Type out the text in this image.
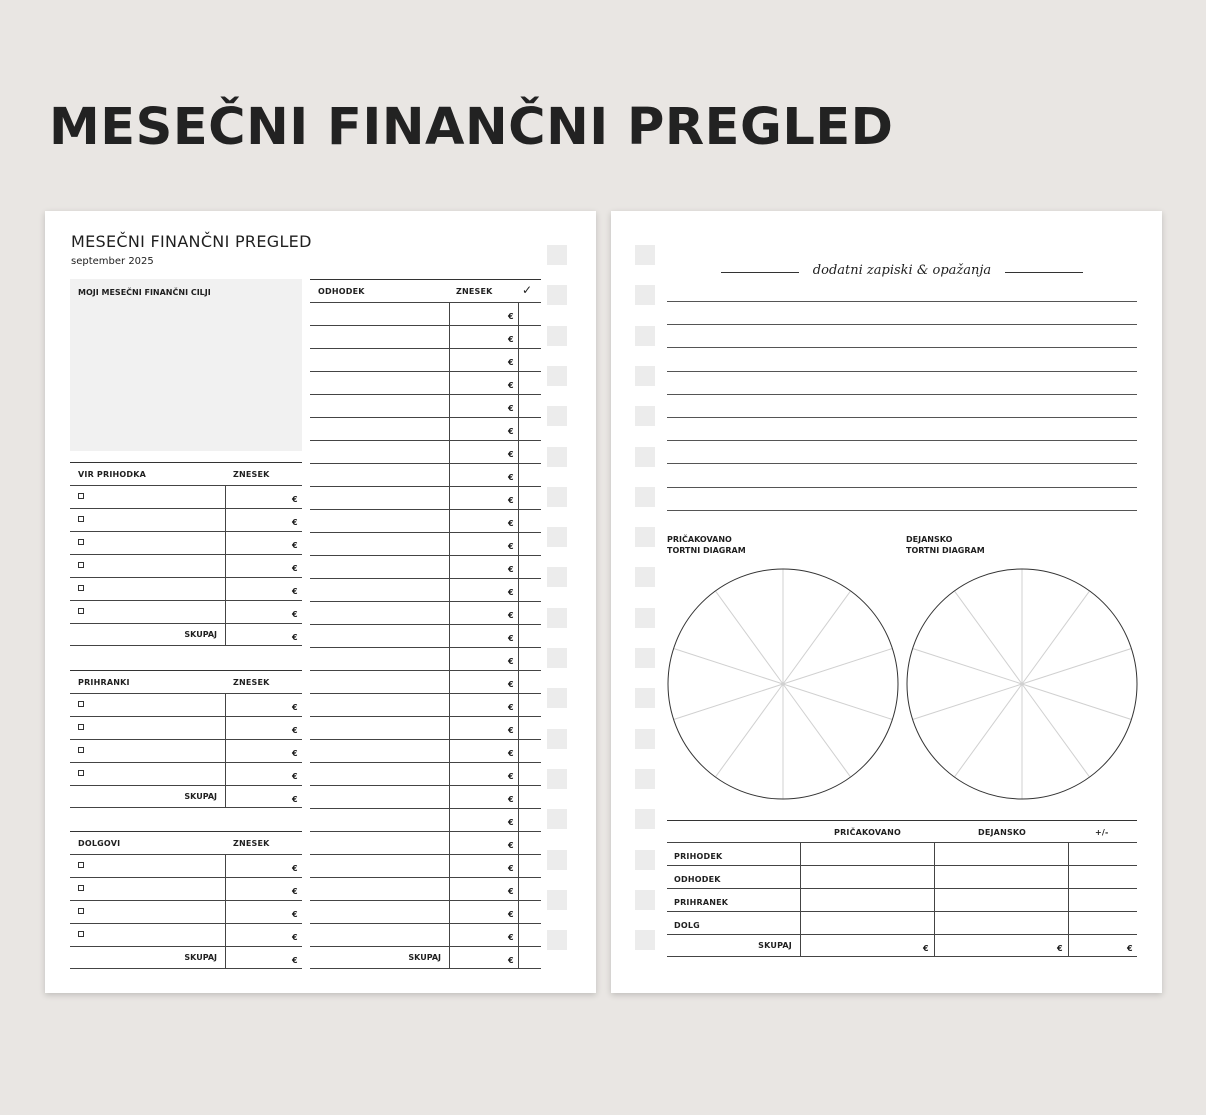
MESEČNI FINANČNI PREGLED
MESEČNI FINANČNI PREGLED
september 2025
MOJI MESEČNI FINANČNI CILJI
VIR PRIHODKA	ZNESEK
€
€
€
€
€
€
SKUPAJ	€
PRIHRANKI	ZNESEK
€
€
€
€
SKUPAJ	€
DOLGOVI	ZNESEK
€
€
€
€
SKUPAJ	€
ODHODEK	ZNESEK ✓
€
€
€
€
€
€
€
€
€
€
€
€
€
€
€
€
€
€
€
€
€
€
€
€
€
€
€
€
SKUPAJ	€
dodatni zapiski & opažanja
PRIČAKOVANO
TORTNI DIAGRAM
DEJANSKO
TORTNI DIAGRAM
PRIČAKOVANO	DEJANSKO	+/-
PRIHODEK
ODHODEK
PRIHRANEK
DOLG
SKUPAJ	€	€	€
